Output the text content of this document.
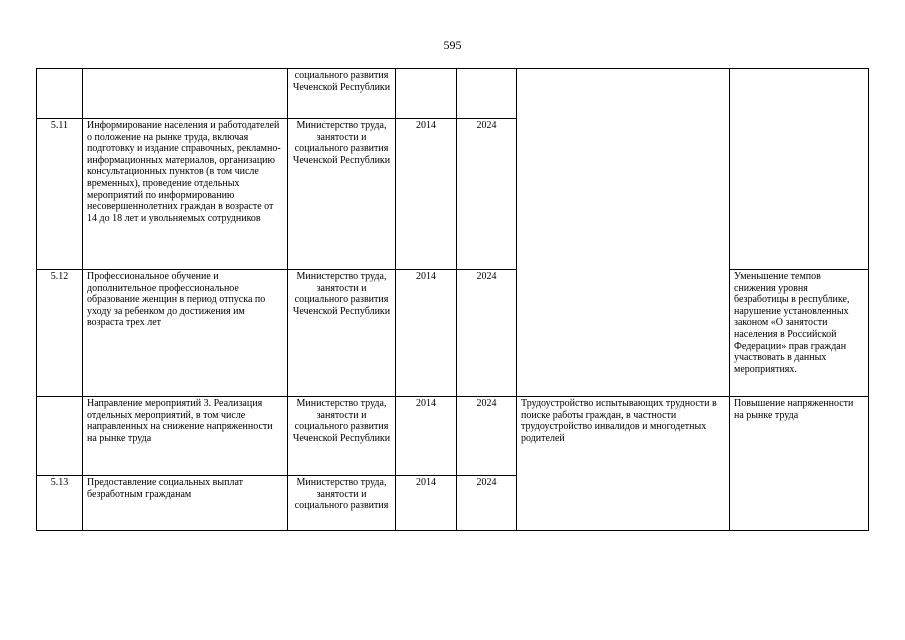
595
		социального развития Чеченской Республики				
5.11	Информирование населения и работодателей о положение на рынке труда, включая подготовку и издание справочных, рекламно-информационных материалов, организацию консультационных пунктов (в том числе временных), проведение отдельных мероприятий по информированию несовершеннолетних граждан в возрасте от 14 до 18 лет и увольняемых сотрудников	Министерство труда, занятости и социального развития Чеченской Республики	2014	2024		
5.12	Профессиональное обучение и дополнительное профессиональное образование женщин в период отпуска по уходу за ребенком до достижения им возраста трех лет	Министерство труда, занятости и социального развития Чеченской Республики	2014	2024		Уменьшение темпов снижения уровня безработицы в республике, нарушение установленных законом «О занятости населения в Российской Федерации» прав граждан участвовать в данных мероприятиях.
	Направление мероприятий 3. Реализация отдельных мероприятий, в том числе направленных на снижение напряженности на рынке труда	Министерство труда, занятости и социального развития Чеченской Республики	2014	2024	Трудоустройство испытывающих трудности в поиске работы граждан, в частности трудоустройство инвалидов и многодетных родителей	Повышение напряженности на рынке труда
5.13	Предоставление социальных выплат безработным гражданам	Министерство труда, занятости и социального развития	2014	2024		
